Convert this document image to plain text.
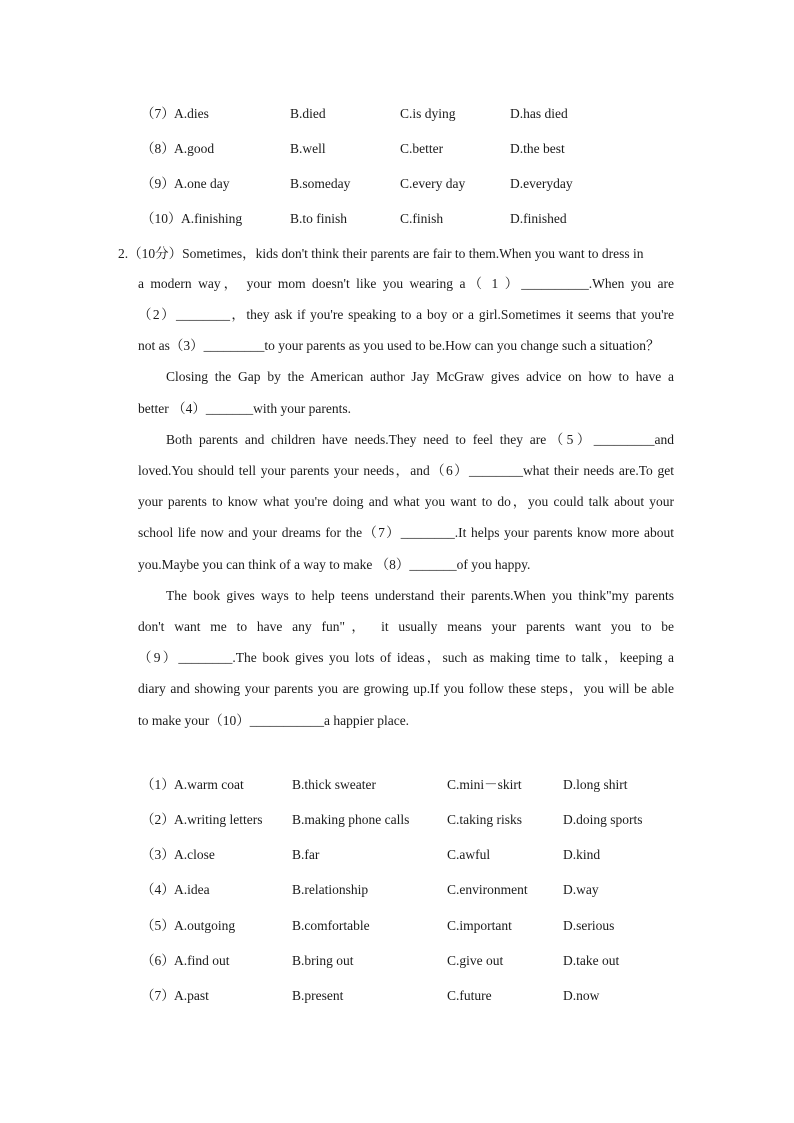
（7） A.dies	B.died	C.is dying	D.has died
（8） A.good	B.well	C.better	D.the best
（9） A.one day	B.someday	C.every day	D.everyday
（10） A.finishing	B.to finish	C.finish	D.finished
2.（10分）Sometimes，kids don't think their parents are fair to them.When you want to dress in
a modern way， your mom doesn't like you wearing a（ 1 ）__________.When you are
（2）________，they ask if you're speaking to a boy or a girl.Sometimes it seems that you're
not as（3）_________to your parents as you used to be.How can you change such a situation？
Closing the Gap by the American author Jay McGraw gives advice on how to have a
better （4）_______with your parents.
Both parents and children have needs.They need to feel they are（5）_________and
loved.You should tell your parents your needs，and（6）________what their needs are.To get
your parents to know what you're doing and what you want to do，you could talk about your
school life now and your dreams for the（7）________.It helps your parents know more about
you.Maybe you can think of a way to make （8）_______of you happy.
The book gives ways to help teens understand their parents.When you think"my parents
don't want me to have any fun"， it usually means your parents want you to be
（9）________.The book gives you lots of ideas，such as making time to talk，keeping a
diary and showing your parents you are growing up.If you follow these steps，you will be able
to make your（10）___________a happier place.
（1） A.warm coat	B.thick sweater	C.mini－skirt	D.long shirt
（2） A.writing letters B.making phone calls	C.taking risks	D.doing sports
（3） A.close	B.far	C.awful	D.kind
（4） A.idea	B.relationship	C.environment	D.way
（5） A.outgoing	B.comfortable	C.important	D.serious
（6） A.find out	B.bring out	C.give out	D.take out
（7） A.past	B.present	C.future	D.now
